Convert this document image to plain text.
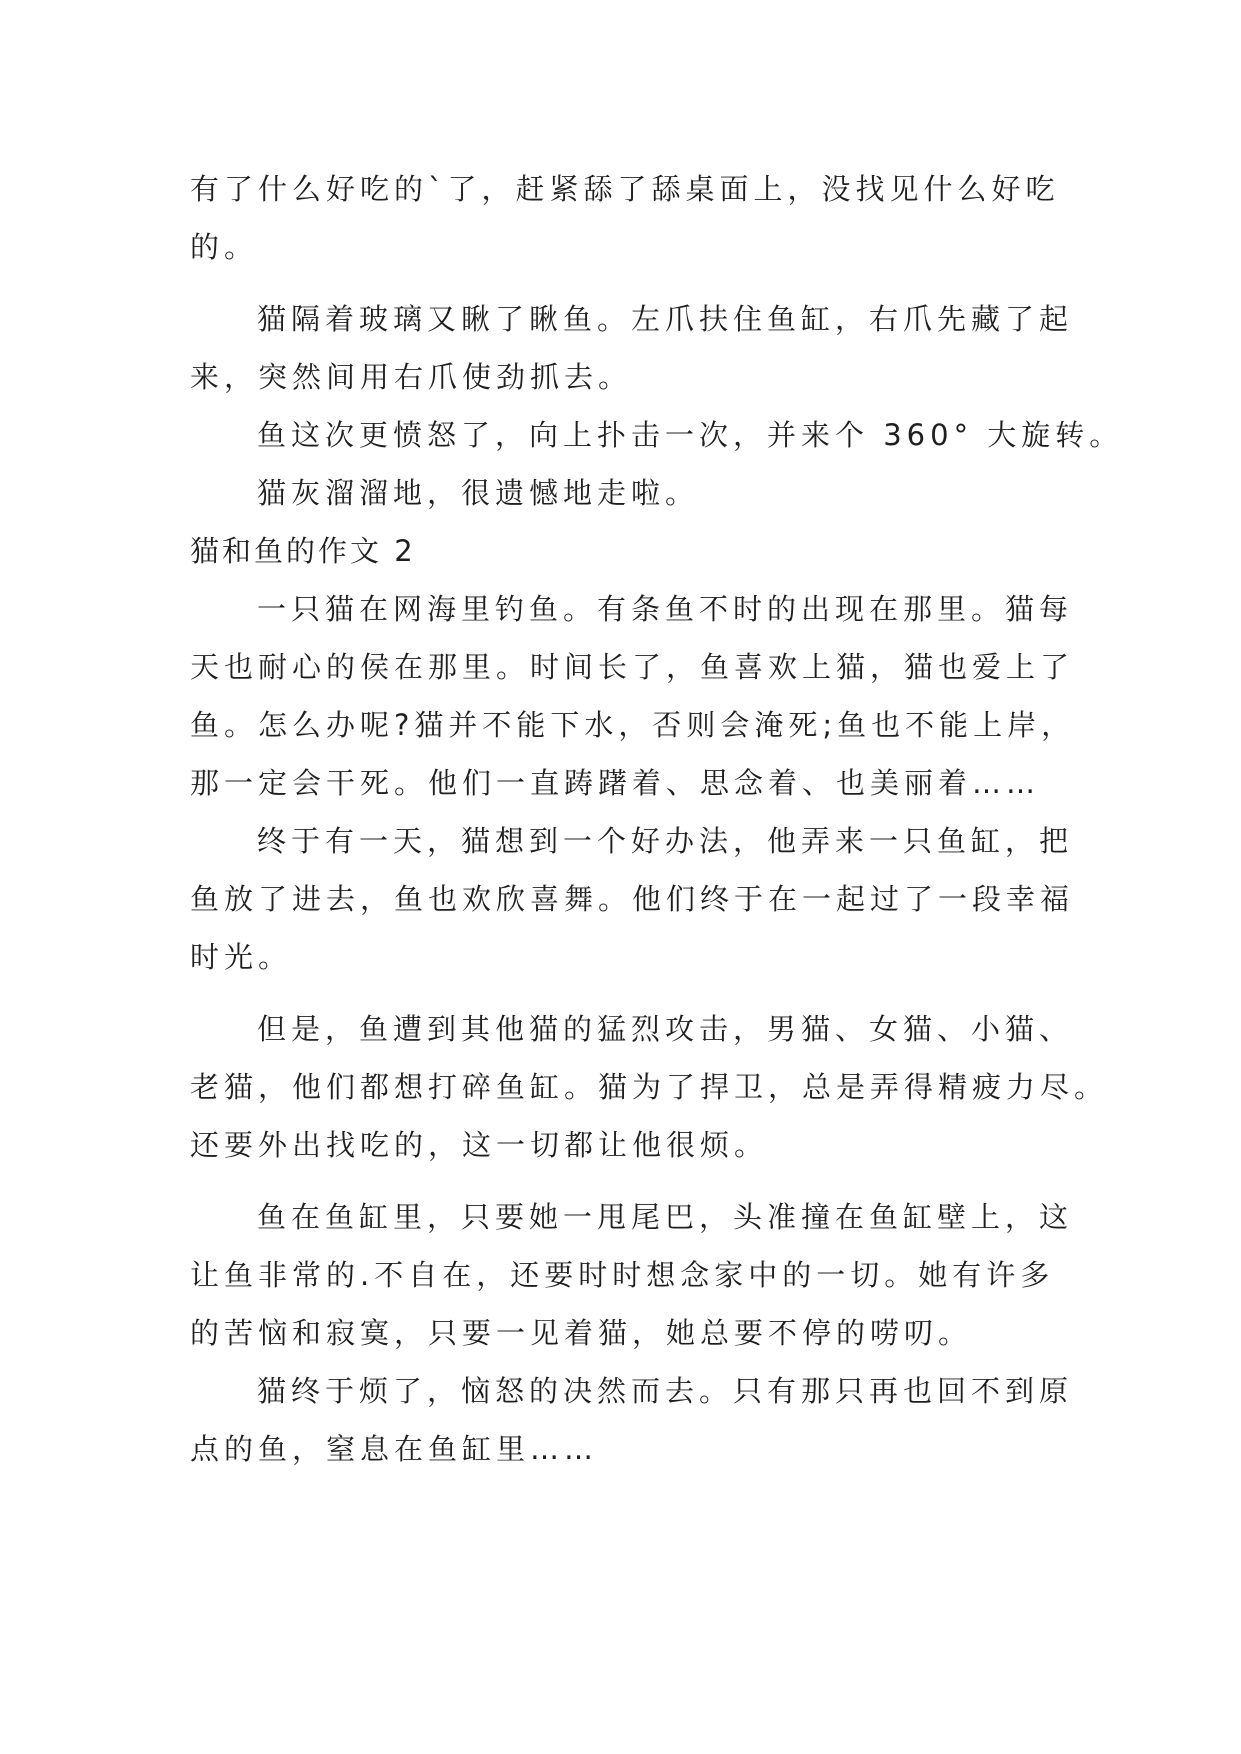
有了什么好吃的`了，赶紧舔了舔桌面上，没找见什么好吃
的。
猫隔着玻璃又瞅了瞅鱼。左爪扶住鱼缸，右爪先藏了起
来，突然间用右爪使劲抓去。
鱼这次更愤怒了，向上扑击一次，并来个 360° 大旋转。
猫灰溜溜地，很遗憾地走啦。
猫和鱼的作文 2
一只猫在网海里钓鱼。有条鱼不时的出现在那里。猫每
天也耐心的侯在那里。时间长了，鱼喜欢上猫，猫也爱上了
鱼。怎么办呢?猫并不能下水，否则会淹死;鱼也不能上岸，
那一定会干死。他们一直踌躇着、思念着、也美丽着……
终于有一天，猫想到一个好办法，他弄来一只鱼缸，把
鱼放了进去，鱼也欢欣喜舞。他们终于在一起过了一段幸福
时光。
但是，鱼遭到其他猫的猛烈攻击，男猫、女猫、小猫、
老猫，他们都想打碎鱼缸。猫为了捍卫，总是弄得精疲力尽。
还要外出找吃的，这一切都让他很烦。
鱼在鱼缸里，只要她一甩尾巴，头准撞在鱼缸壁上，这
让鱼非常的.不自在，还要时时想念家中的一切。她有许多
的苦恼和寂寞，只要一见着猫，她总要不停的唠叨。
猫终于烦了，恼怒的决然而去。只有那只再也回不到原
点的鱼，窒息在鱼缸里……
